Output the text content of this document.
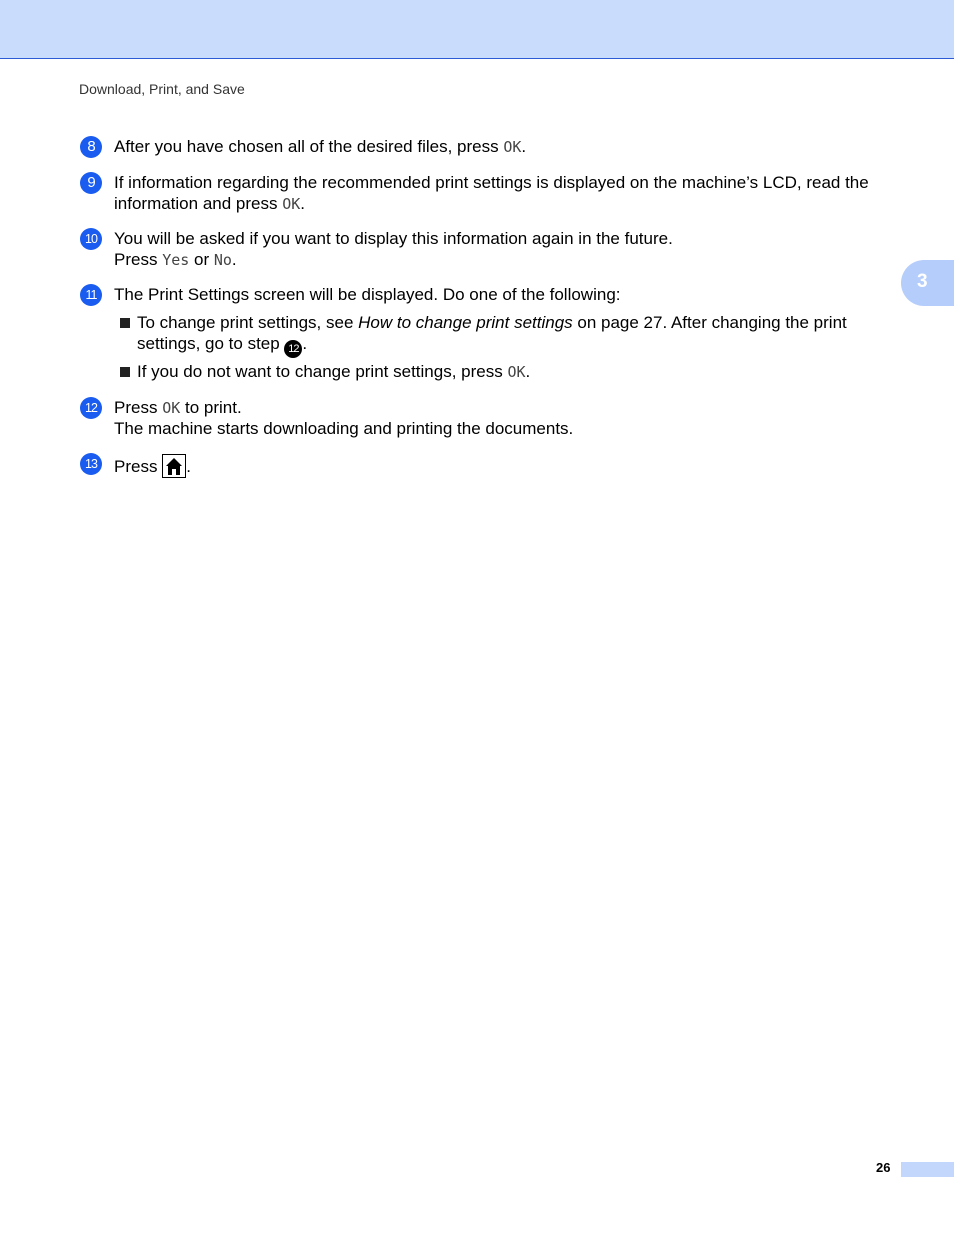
Download, Print, and Save
3
8	After you have chosen all of the desired files, press OK.
9	If information regarding the recommended print settings is displayed on the machine’s LCD, read the information and press OK.
10 You will be asked if you want to display this information again in the future.
Press Yes or No.
11	The Print Settings screen will be displayed. Do one of the following:
To change print settings, see How to change print settings on page 27. After changing the print settings, go to step 12 .
If you do not want to change print settings, press OK.
12 Press OK to print.
The machine starts downloading and printing the documents.
13 Press .
26
